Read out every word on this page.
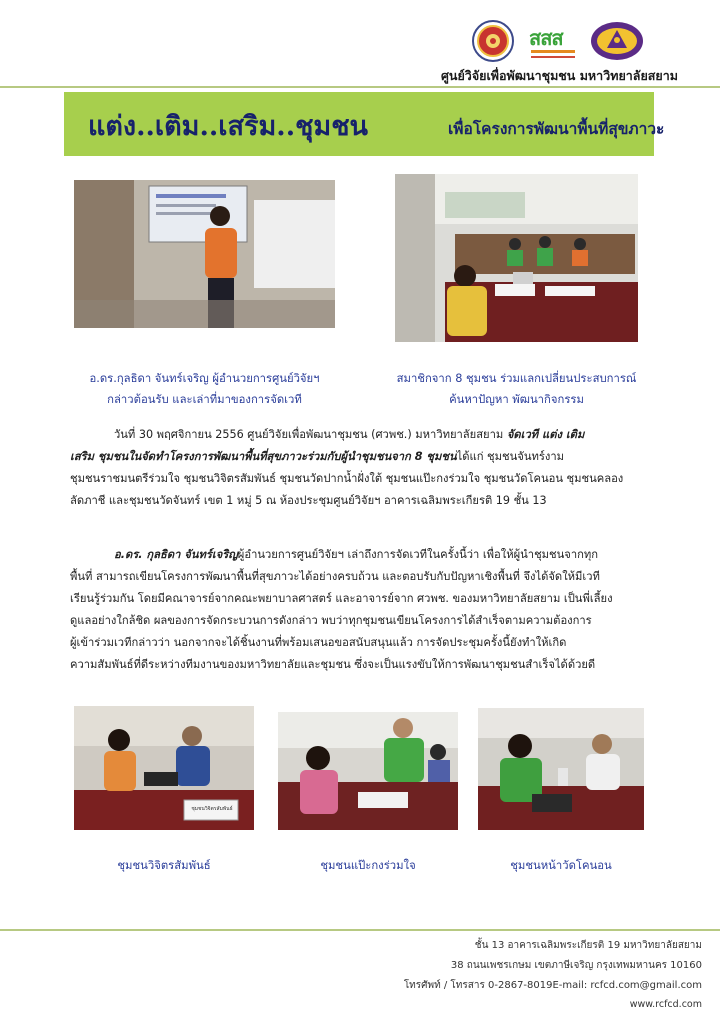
สสส
ศูนย์วิจัยเพื่อพัฒนาชุมชน มหาวิทยาลัยสยาม
แต่ง..เติม..เสริม..ชุมชน	เพื่อโครงการพัฒนาพื้นที่สุขภาวะ
อ.ดร.กุลธิดา จันทร์เจริญ ผู้อำนวยการศูนย์วิจัยฯ
กล่าวต้อนรับ และเล่าที่มาของการจัดเวที
สมาชิกจาก 8 ชุมชน ร่วมแลกเปลี่ยนประสบการณ์
ค้นหาปัญหา พัฒนากิจกรรม
วันที่ 30 พฤศจิกายน 2556 ศูนย์วิจัยเพื่อพัฒนาชุมชน (ศวพช.) มหาวิทยาลัยสยาม จัดเวที แต่ง เติม
เสริม ชุมชนในจัดทำโครงการพัฒนาพื้นที่สุขภาวะร่วมกับผู้นำชุมชนจาก 8 ชุมชนได้แก่ ชุมชนจันทร์งาม
ชุมชนราชมนตรีร่วมใจ ชุมชนวิจิตรสัมพันธ์ ชุมชนวัดปากน้ำฝั่งใต้ ชุมชนแป๊ะกงร่วมใจ ชุมชนวัดโคนอน ชุมชนคลอง
ลัดภาชี และชุมชนวัดจันทร์ เขต 1 หมู่ 5 ณ ห้องประชุมศูนย์วิจัยฯ อาคารเฉลิมพระเกียรติ 19 ชั้น 13
อ.ดร. กุลธิดา จันทร์เจริญผู้อำนวยการศูนย์วิจัยฯ เล่าถึงการจัดเวทีในครั้งนี้ว่า เพื่อให้ผู้นำชุมชนจากทุก
พื้นที่ สามารถเขียนโครงการพัฒนาพื้นที่สุขภาวะได้อย่างครบถ้วน และตอบรับกับปัญหาเชิงพื้นที่ จึงได้จัดให้มีเวที
เรียนรู้ร่วมกัน โดยมีคณาจารย์จากคณะพยาบาลศาสตร์ และอาจารย์จาก ศวพช. ของมหาวิทยาลัยสยาม เป็นพี่เลี้ยง
ดูแลอย่างใกล้ชิด ผลของการจัดกระบวนการดังกล่าว พบว่าทุกชุมชนเขียนโครงการได้สำเร็จตามความต้องการ
ผู้เข้าร่วมเวทีกล่าวว่า นอกจากจะได้ชิ้นงานที่พร้อมเสนอขอสนับสนุนแล้ว การจัดประชุมครั้งนี้ยังทำให้เกิด
ความสัมพันธ์ที่ดีระหว่างทีมงานของมหาวิทยาลัยและชุมชน ซึ่งจะเป็นแรงขับให้การพัฒนาชุมชนสำเร็จได้ด้วยดี
ชุมชนวิจิตรสัมพันธ์
ชุมชนวิจิตรสัมพันธ์	ชุมชนแป๊ะกงร่วมใจ	ชุมชนหน้าวัดโคนอน
ชั้น 13 อาคารเฉลิมพระเกียรติ 19 มหาวิทยาลัยสยาม
38 ถนนเพชรเกษม เขตภาษีเจริญ กรุงเทพมหานคร 10160
โทรศัพท์ / โทรสาร 0-2867-8019E-mail: rcfcd.com@gmail.com
www.rcfcd.com
